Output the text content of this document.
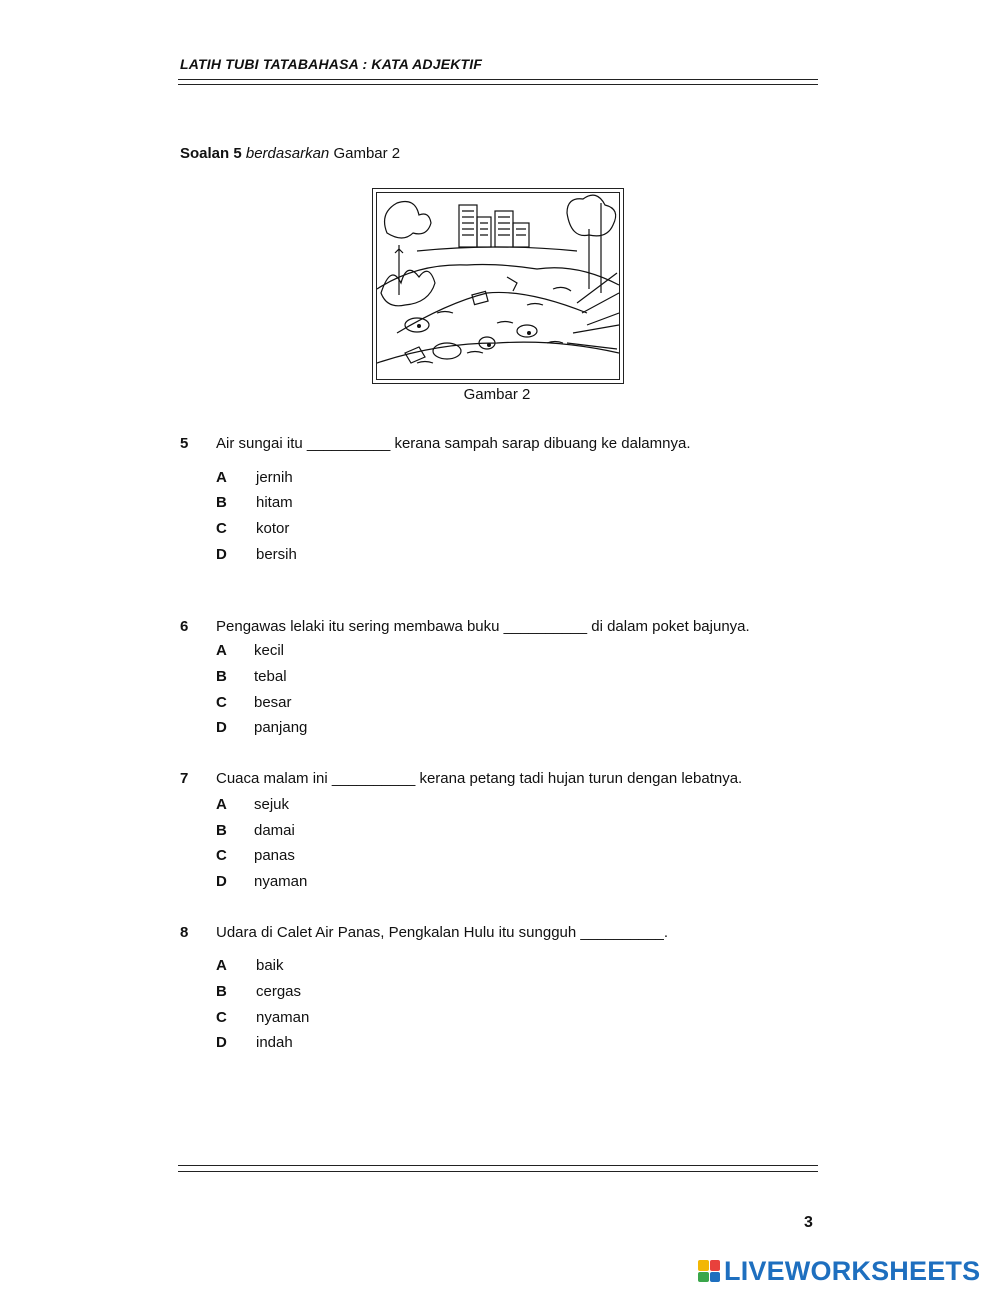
LATIH TUBI TATABAHASA : KATA ADJEKTIF
Soalan 5 berdasarkan Gambar 2
Gambar 2
5 Air sungai itu __________ kerana sampah sarap dibuang ke dalamnya.
A jernih
B hitam
C kotor
D bersih
6 Pengawas lelaki itu sering membawa buku __________ di dalam poket bajunya.
A kecil
B tebal
C besar
D panjang
7 Cuaca malam ini __________ kerana petang tadi hujan turun dengan lebatnya.
A sejuk
B damai
C panas
D nyaman
8 Udara di Calet Air Panas, Pengkalan Hulu itu sungguh __________.
A baik
B cergas
C nyaman
D indah
3
LIVEWORKSHEETS
